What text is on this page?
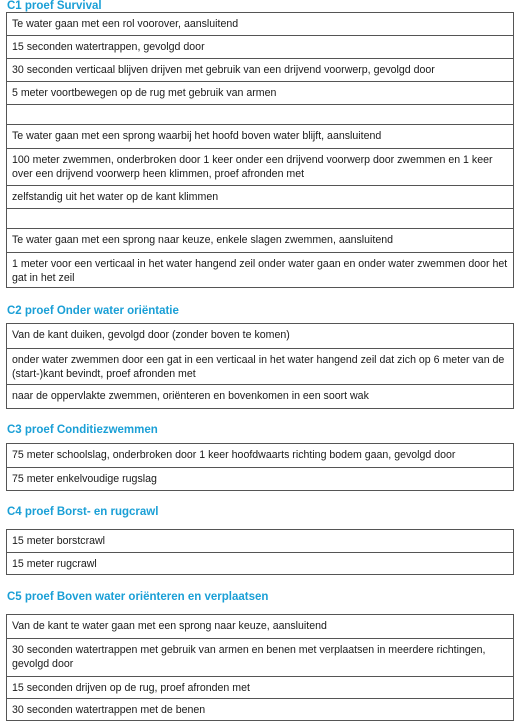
C1 proef Survival
Te water gaan met een rol voorover, aansluitend
15 seconden watertrappen, gevolgd door
30 seconden verticaal blijven drijven met gebruik van een drijvend voorwerp, gevolgd door
5 meter voortbewegen op de rug met gebruik van armen
Te water gaan met een sprong waarbij het hoofd boven water blijft, aansluitend
100 meter zwemmen, onderbroken door 1 keer onder een drijvend voorwerp door zwemmen en 1 keer over een drijvend voorwerp heen klimmen, proef afronden met
zelfstandig uit het water op de kant klimmen
Te water gaan met een sprong naar keuze, enkele slagen zwemmen, aansluitend
1 meter voor een verticaal in het water hangend zeil onder water gaan en onder water zwemmen door het gat in het zeil
C2 proef Onder water oriëntatie
Van de kant duiken, gevolgd door (zonder boven te komen)
onder water zwemmen door een gat in een verticaal in het water hangend zeil dat zich op 6 meter van de (start-)kant bevindt, proef afronden met
naar de oppervlakte zwemmen, oriënteren en bovenkomen in een soort wak
C3 proef Conditiezwemmen
75 meter schoolslag, onderbroken door 1 keer hoofdwaarts richting bodem gaan, gevolgd door
75 meter enkelvoudige rugslag
C4 proef Borst- en rugcrawl
15 meter borstcrawl
15 meter rugcrawl
C5 proef Boven water oriënteren en verplaatsen
Van de kant te water gaan met een sprong naar keuze, aansluitend
30 seconden watertrappen met gebruik van armen en benen met verplaatsen in meerdere richtingen, gevolgd door
15 seconden drijven op de rug, proef afronden met
30 seconden watertrappen met de benen
